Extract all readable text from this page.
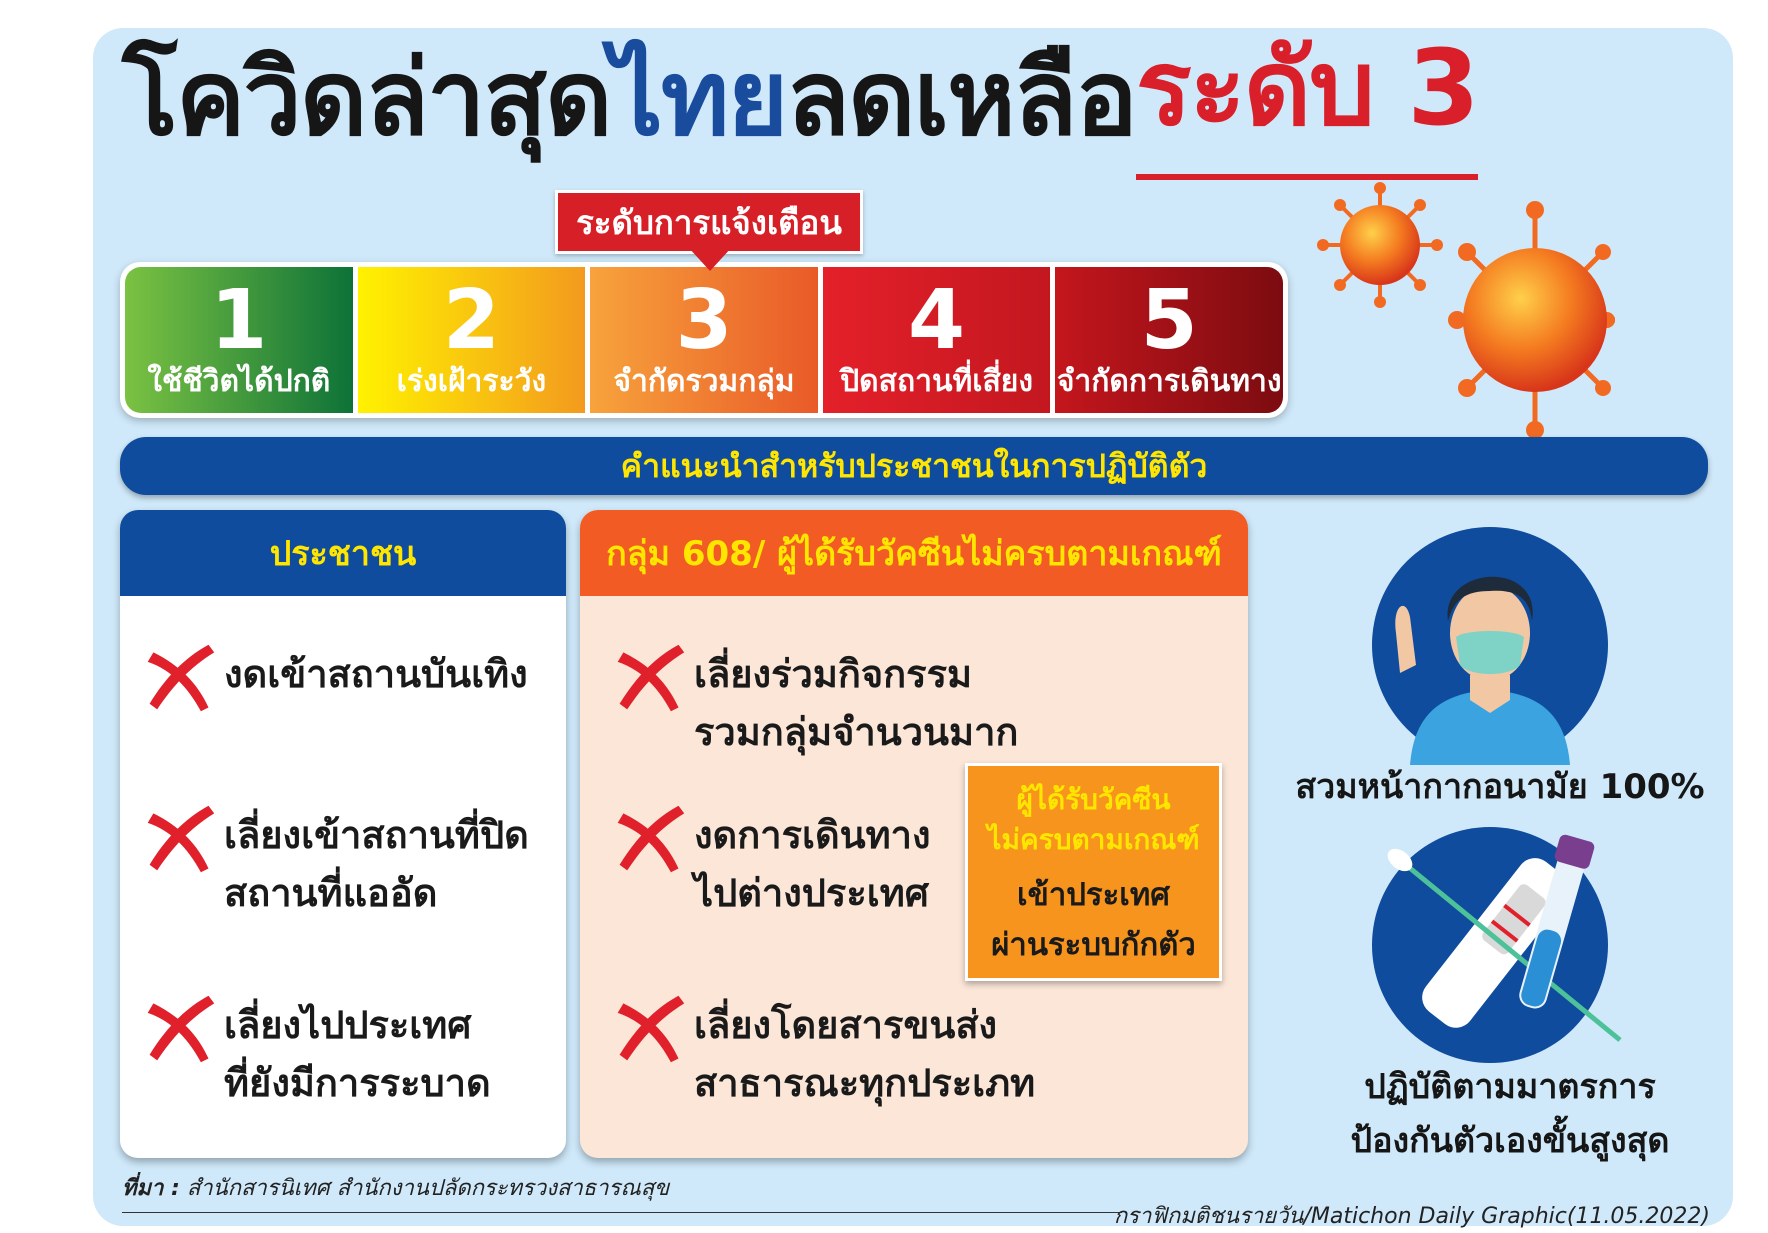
โควิดล่าสุด ไทย ลดเหลือ ระดับ 3
ระดับการแจ้งเตือน
1
ใช้ชีวิตได้ปกติ
2
เร่งเฝ้าระวัง
3
จำกัดรวมกลุ่ม
4
ปิดสถานที่เสี่ยง
5
จำกัดการเดินทาง
คำแนะนำสำหรับประชาชนในการปฏิบัติตัว
ประชาชน
งดเข้าสถานบันเทิง
เลี่ยงเข้าสถานที่ปิด
สถานที่แออัด
เลี่ยงไปประเทศ
ที่ยังมีการระบาด
กลุ่ม 608/ ผู้ได้รับวัคซีนไม่ครบตามเกณฑ์
เลี่ยงร่วมกิจกรรม
รวมกลุ่มจำนวนมาก
งดการเดินทาง
ไปต่างประเทศ
เลี่ยงโดยสารขนส่ง
สาธารณะทุกประเภท
ผู้ได้รับวัคซีน
ไม่ครบตามเกณฑ์
เข้าประเทศ
ผ่านระบบกักตัว
สวมหน้ากากอนามัย 100%
ปฏิบัติตามมาตรการ
ป้องกันตัวเองขั้นสูงสุด
ที่มา : สำนักสารนิเทศ สำนักงานปลัดกระทรวงสาธารณสุข
กราฟิกมติชนรายวัน/Matichon Daily Graphic(11.05.2022)
